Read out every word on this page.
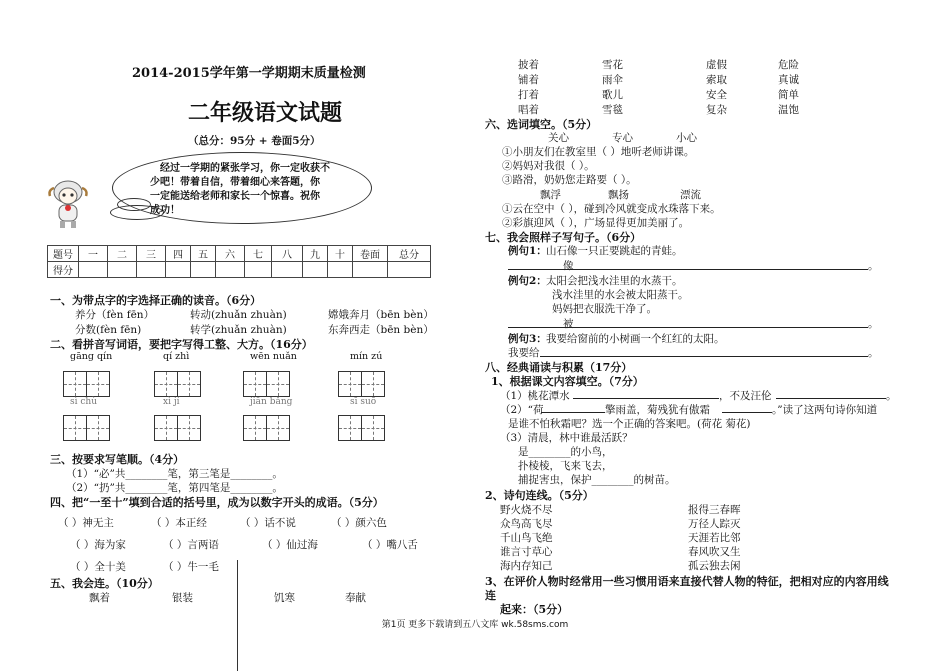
2014-2015学年第一学期期末质量检测
二年级语文试题
（总分：95分 + 卷面5分）
经过一学期的紧张学习，你一定收获不
少吧！带着自信，带着细心来答题，你
一定能送给老师和家长一个惊喜。祝你
成功！
题号	一	二	三	四	五	六	七	八	九	十	卷面	总分
得分												
一、为带点字的字选择正确的读音。（6分）
养分（fèn fēn）	转动(zhuǎn zhuàn)	嫦娥奔月（bēn bèn）
分数(fèn fēn)	转学(zhuǎn zhuàn)	东奔西走（bēn bèn）
二、看拼音写词语，要把字写得工整、大方。（16分）
gāng qín	qí zhì	wēn nuǎn	mín zú
sì chù	xì jí	jiān bǎng	sī suō
三、按要求写笔顺。（4分）
（1）“必”共________笔，第三笔是________。
（2）“扔”共________笔，第四笔是________。
四、把“一至十”填到合适的括号里，成为以数字开头的成语。（5分）
（ ）神无主	（ ）本正经	（ ）话不说	（ ）颜六色
（ ）海为家	（ ）言两语	（ ）仙过海	（ ）嘴八舌
（ ）全十美	（ ）牛一毛
五、我会连。（10分）
飘着	银装	饥寒	奉献
披着	雪花	虚假	危险
铺着	雨伞	索取	真诚
打着	歌儿	安全	简单
唱着	雪毯	复杂	温饱
六、选词填空。（5分）
关心	专心	小心
①小朋友们在教室里（ ）地听老师讲课。
②妈妈对我很（ ）。
③路滑，奶奶您走路要（ ）。
飘浮	飘扬	漂流
①云在空中（ ），碰到冷风就变成水珠落下来。
②彩旗迎风（ ），广场显得更加美丽了。
七、我会照样子写句子。（6分）
例句1： 山石像一只正要跳起的青蛙。
像	。
例句2： 太阳会把浅水洼里的水蒸干。
浅水洼里的水会被太阳蒸干。
妈妈把衣服洗干净了。
被	。
例句3： 我要给窗前的小树画一个红红的太阳。
我要给	。
八、经典诵读与积累（17分）
1、根据课文内容填空。（7分）
（1）桃花潭水	，不及汪伦	。
（2）“荷	擎雨盖，菊残犹有傲霜	。”读了这两句诗你知道
是谁不怕秋霜吧？选一个正确的答案吧。(荷花 菊花)
（3）清晨，林中谁最活跃？
是________的小鸟，
扑棱棱，飞来飞去，
捕捉害虫，保护________的树苗。
2、诗句连线。（5分）
野火烧不尽	报得三春晖
众鸟高飞尽	万径人踪灭
千山鸟飞绝	天涯若比邻
谁言寸草心	春风吹又生
海内存知己	孤云独去闲
3、在评价人物时经常用一些习惯用语来直接代替人物的特征，把相对应的内容用线
连
起来：（5分）
第1页 更多下载请到五八文库 wk.58sms.com
